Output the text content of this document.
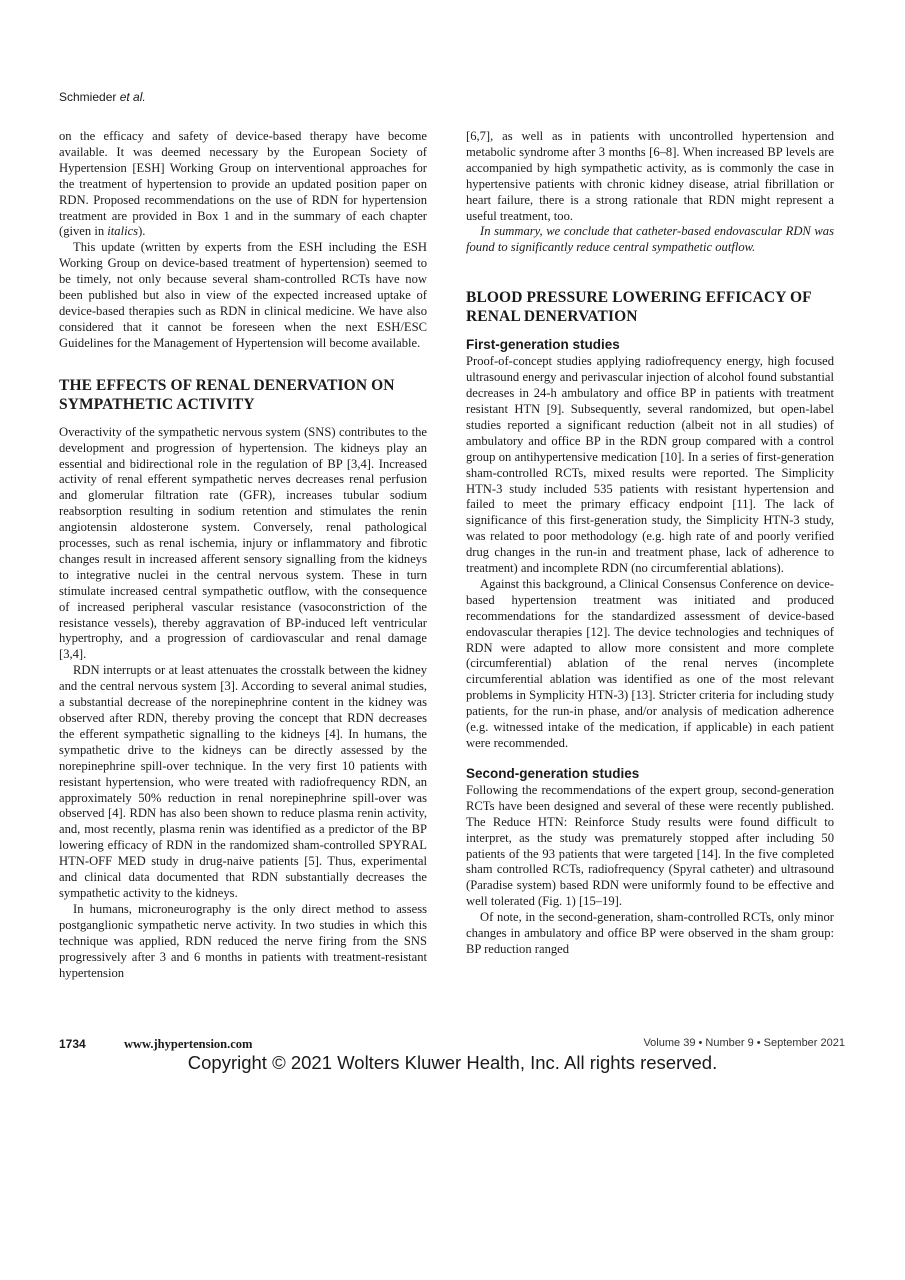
Schmieder et al.

on the efficacy and safety of device-based therapy have become available. It was deemed necessary by the European Society of Hypertension [ESH] Working Group on interventional approaches for the treatment of hypertension to provide an updated position paper on RDN. Proposed recommendations on the use of RDN for hypertension treatment are provided in Box 1 and in the summary of each chapter (given in italics).

This update (written by experts from the ESH including the ESH Working Group on device-based treatment of hypertension) seemed to be timely, not only because several sham-controlled RCTs have now been published but also in view of the expected increased uptake of device-based therapies such as RDN in clinical medicine. We have also considered that it cannot be foreseen when the next ESH/ESC Guidelines for the Management of Hypertension will become available.

THE EFFECTS OF RENAL DENERVATION ON SYMPATHETIC ACTIVITY

Overactivity of the sympathetic nervous system (SNS) contributes to the development and progression of hypertension. The kidneys play an essential and bidirectional role in the regulation of BP [3,4]. Increased activity of renal efferent sympathetic nerves decreases renal perfusion and glomerular filtration rate (GFR), increases tubular sodium reabsorption resulting in sodium retention and stimulates the renin angiotensin aldosterone system. Conversely, renal pathological processes, such as renal ischemia, injury or inflammatory and fibrotic changes result in increased afferent sensory signalling from the kidneys to integrative nuclei in the central nervous system. These in turn stimulate increased central sympathetic outflow, with the consequence of increased peripheral vascular resistance (vasoconstriction of the resistance vessels), thereby aggravation of BP-induced left ventricular hypertrophy, and a progression of cardiovascular and renal damage [3,4].

RDN interrupts or at least attenuates the crosstalk between the kidney and the central nervous system [3]. According to several animal studies, a substantial decrease of the norepinephrine content in the kidney was observed after RDN, thereby proving the concept that RDN decreases the efferent sympathetic signalling to the kidneys [4]. In humans, the sympathetic drive to the kidneys can be directly assessed by the norepinephrine spill-over technique. In the very first 10 patients with resistant hypertension, who were treated with radiofrequency RDN, an approximately 50% reduction in renal norepinephrine spill-over was observed [4]. RDN has also been shown to reduce plasma renin activity, and, most recently, plasma renin was identified as a predictor of the BP lowering efficacy of RDN in the randomized sham-controlled SPYRAL HTN-OFF MED study in drug-naive patients [5]. Thus, experimental and clinical data documented that RDN substantially decreases the sympathetic activity to the kidneys.

In humans, microneurography is the only direct method to assess postganglionic sympathetic nerve activity. In two studies in which this technique was applied, RDN reduced the nerve firing from the SNS progressively after 3 and 6 months in patients with treatment-resistant hypertension

[6,7], as well as in patients with uncontrolled hypertension and metabolic syndrome after 3 months [6–8]. When increased BP levels are accompanied by high sympathetic activity, as is commonly the case in hypertensive patients with chronic kidney disease, atrial fibrillation or heart failure, there is a strong rationale that RDN might represent a useful treatment, too.

In summary, we conclude that catheter-based endovascular RDN was found to significantly reduce central sympathetic outflow.

BLOOD PRESSURE LOWERING EFFICACY OF RENAL DENERVATION
First-generation studies

Proof-of-concept studies applying radiofrequency energy, high focused ultrasound energy and perivascular injection of alcohol found substantial decreases in 24-h ambulatory and office BP in patients with treatment resistant HTN [9]. Subsequently, several randomized, but open-label studies reported a significant reduction (albeit not in all studies) of ambulatory and office BP in the RDN group compared with a control group on antihypertensive medication [10]. In a series of first-generation sham-controlled RCTs, mixed results were reported. The Simplicity HTN-3 study included 535 patients with resistant hypertension and failed to meet the primary efficacy endpoint [11]. The lack of significance of this first-generation study, the Simplicity HTN-3 study, was related to poor methodology (e.g. high rate of and poorly verified drug changes in the run-in and treatment phase, lack of adherence to treatment) and incomplete RDN (no circumferential ablations).

Against this background, a Clinical Consensus Conference on device-based hypertension treatment was initiated and produced recommendations for the standardized assessment of device-based endovascular therapies [12]. The device technologies and techniques of RDN were adapted to allow more consistent and more complete (circumferential) ablation of the renal nerves (incomplete circumferential ablation was identified as one of the most relevant problems in Symplicity HTN-3) [13]. Stricter criteria for including study patients, for the run-in phase, and/or analysis of medication adherence (e.g. witnessed intake of the medication, if applicable) in each patient were recommended.

Second-generation studies

Following the recommendations of the expert group, second-generation RCTs have been designed and several of these were recently published. The Reduce HTN: Reinforce Study results were found difficult to interpret, as the study was prematurely stopped after including 50 patients of the 93 patients that were targeted [14]. In the five completed sham controlled RCTs, radiofrequency (Spyral catheter) and ultrasound (Paradise system) based RDN were uniformly found to be effective and well tolerated (Fig. 1) [15–19].

Of note, in the second-generation, sham-controlled RCTs, only minor changes in ambulatory and office BP were observed in the sham group: BP reduction ranged

1734	www.jhypertension.com	Volume 39 • Number 9 • September 2021
Copyright © 2021 Wolters Kluwer Health, Inc. All rights reserved.
